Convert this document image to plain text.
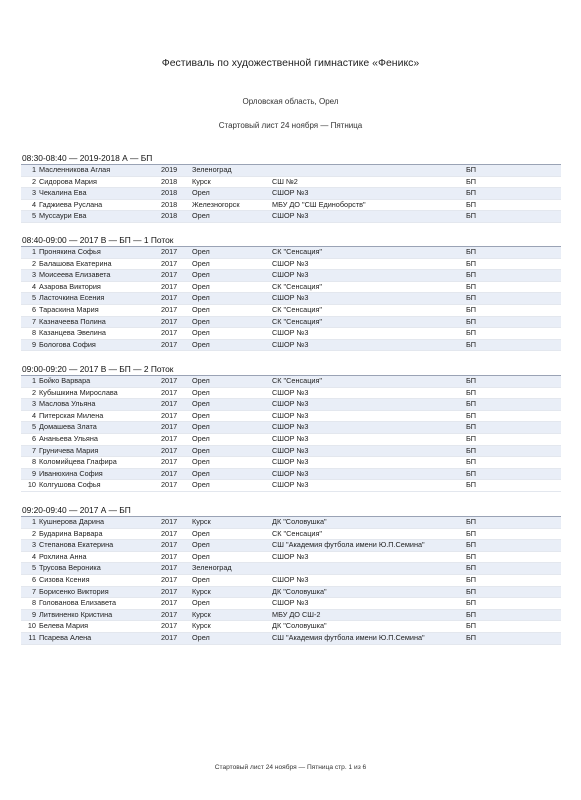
Фестиваль по художественной гимнастике «Феникс»
Орловская область, Орел
Стартовый лист 24 ноября — Пятница
08:30-08:40 — 2019-2018 А — БП
1	Масленникова Аглая	2019	Зеленоград		БП
2	Сидорова Мария	2018	Курск	СШ №2	БП
3	Чекалина Ева	2018	Орел	СШОР №3	БП
4	Гаджиева Руслана	2018	Железногорск	МБУ ДО "СШ Единоборств"	БП
5	Муссаури Ева	2018	Орел	СШОР №3	БП
08:40-09:00 — 2017 В — БП — 1 Поток
1	Пронякина Софья	2017	Орел	СК "Сенсация"	БП
2	Балашова Екатерина	2017	Орел	СШОР №3	БП
3	Моисеева Елизавета	2017	Орел	СШОР №3	БП
4	Азарова Виктория	2017	Орел	СК "Сенсация"	БП
5	Ласточкина Есения	2017	Орел	СШОР №3	БП
6	Тараскина Мария	2017	Орел	СК "Сенсация"	БП
7	Казначеева Полина	2017	Орел	СК "Сенсация"	БП
8	Казанцева Эвелина	2017	Орел	СШОР №3	БП
9	Бологова София	2017	Орел	СШОР №3	БП
09:00-09:20 — 2017 В — БП — 2 Поток
1	Бойко Варвара	2017	Орел	СК "Сенсация"	БП
2	Кубышкина Мирослава	2017	Орел	СШОР №3	БП
3	Маслова Ульяна	2017	Орел	СШОР №3	БП
4	Питерская Милена	2017	Орел	СШОР №3	БП
5	Домашева Злата	2017	Орел	СШОР №3	БП
6	Ананьева Ульяна	2017	Орел	СШОР №3	БП
7	Груничева Мария	2017	Орел	СШОР №3	БП
8	Коломийцева Глафира	2017	Орел	СШОР №3	БП
9	Иванюхина София	2017	Орел	СШОР №3	БП
10	Колгушова Софья	2017	Орел	СШОР №3	БП
09:20-09:40 — 2017 А — БП
1	Кушнерова Дарина	2017	Курск	ДК "Соловушка"	БП
2	Бударина Варвара	2017	Орел	СК "Сенсация"	БП
3	Степанова Екатерина	2017	Орел	СШ "Академия футбола имени Ю.П.Семина"	БП
4	Рохлина Анна	2017	Орел	СШОР №3	БП
5	Трусова Вероника	2017	Зеленоград		БП
6	Сизова Ксения	2017	Орел	СШОР №3	БП
7	Борисенко Виктория	2017	Курск	ДК "Соловушка"	БП
8	Голованова Елизавета	2017	Орел	СШОР №3	БП
9	Литвиненко Кристина	2017	Курск	МБУ ДО СШ-2	БП
10	Белева Мария	2017	Курск	ДК "Соловушка"	БП
11	Псарева Алена	2017	Орел	СШ "Академия футбола имени Ю.П.Семина"	БП
Стартовый лист 24 ноября — Пятница стр. 1 из 6
